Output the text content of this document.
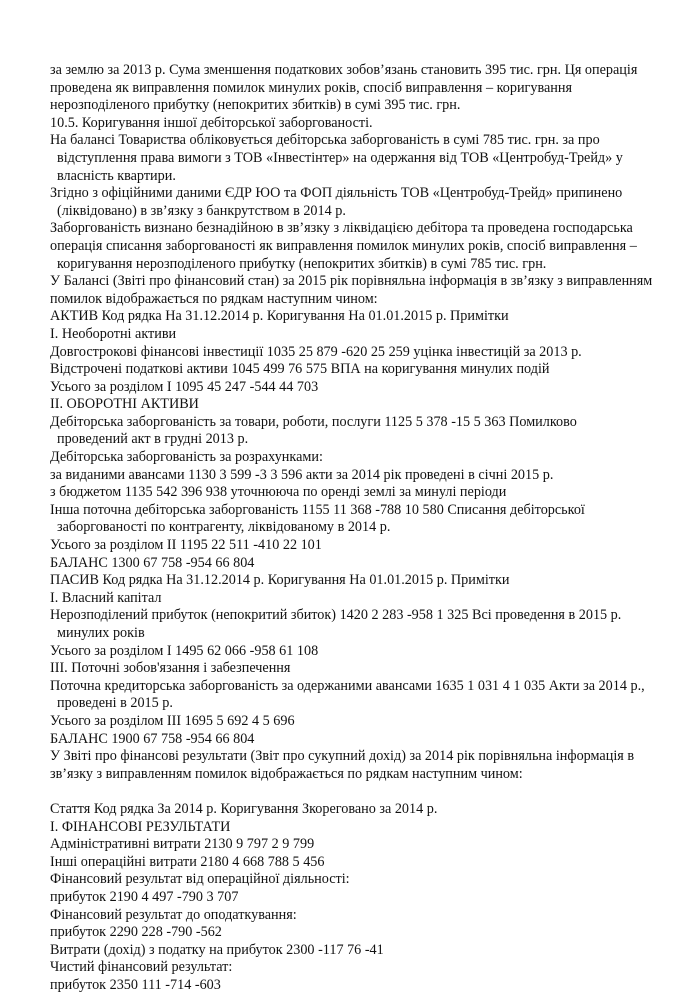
за землю за 2013 р. Сума зменшення податкових зобов’язань становить 395 тис. грн. Ця операція
проведена як виправлення помилок минулих років, спосіб виправлення – коригування
нерозподіленого прибутку (непокритих збитків) в сумі 395 тис. грн.
10.5. Коригування іншої дебіторської заборгованості.
На балансі Товариства обліковується дебіторська заборгованість в сумі 785 тис. грн. за про
відступлення права вимоги з ТОВ «Інвестінтер» на одержання від ТОВ «Центробуд-Трейд» у
власність квартири.
Згідно з офіційними даними ЄДР ЮО та ФОП діяльність ТОВ «Центробуд-Трейд» припинено
(ліквідовано) в зв’язку з банкрутством в 2014 р.
Заборгованість визнано безнадійною в зв’язку з ліквідацією дебітора та проведена господарська
операція списання заборгованості як виправлення помилок минулих років, спосіб виправлення –
коригування нерозподіленого прибутку (непокритих збитків) в сумі 785 тис. грн.
У Балансі (Звіті про фінансовий стан) за 2015 рік порівняльна інформація в зв’язку з виправленням
помилок відображається по рядкам наступним чином:
АКТИВ Код рядка На 31.12.2014 р. Коригування На 01.01.2015 р. Примітки
І. Необоротні активи
Довгострокові фінансові інвестиції 1035 25 879 -620 25 259 уцінка інвестицій за 2013 р.
Відстрочені податкові активи 1045 499 76 575 ВПА на коригування минулих подій
Усього за розділом І 1095 45 247 -544 44 703
ІІ. ОБОРОТНІ АКТИВИ
Дебіторська заборгованість за товари, роботи, послуги 1125 5 378 -15 5 363 Помилково
проведений акт в грудні 2013 р.
Дебіторська заборгованість за розрахунками:
за виданими авансами 1130 3 599 -3 3 596 акти за 2014 рік проведені в січні 2015 р.
з бюджетом 1135 542 396 938 уточнююча по оренді землі за минулі періоди
Інша поточна дебіторська заборгованість 1155 11 368 -788 10 580 Списання дебіторської
заборгованості по контрагенту, ліквідованому в 2014 р.
Усього за розділом ІІ 1195 22 511 -410 22 101
БАЛАНС 1300 67 758 -954 66 804
ПАСИВ Код рядка На 31.12.2014 р. Коригування На 01.01.2015 р. Примітки
І. Власний капітал
Нерозподілений прибуток (непокритий збиток) 1420 2 283 -958 1 325 Всі проведення в 2015 р.
минулих років
Усього за розділом І 1495 62 066 -958 61 108
ІІІ. Поточні зобов'язання і забезпечення
Поточна кредиторська заборгованість за одержаними авансами 1635 1 031 4 1 035 Акти за 2014 р.,
проведені в 2015 р.
Усього за розділом ІІІ 1695 5 692 4 5 696
БАЛАНС 1900 67 758 -954 66 804
У Звіті про фінансові результати (Звіт про сукупний дохід) за 2014 рік порівняльна інформація в
зв’язку з виправленням помилок відображається по рядкам наступним чином:
Стаття Код рядка За 2014 р. Коригування Зкореговано за 2014 р.
І. ФІНАНСОВІ РЕЗУЛЬТАТИ
Адміністративні витрати 2130 9 797 2 9 799
Інші операційні витрати 2180 4 668 788 5 456
Фінансовий результат від операційної діяльності:
прибуток 2190 4 497 -790 3 707
Фінансовий результат до оподаткування:
прибуток 2290 228 -790 -562
Витрати (дохід) з податку на прибуток 2300 -117 76 -41
Чистий фінансовий результат:
прибуток 2350 111 -714 -603
